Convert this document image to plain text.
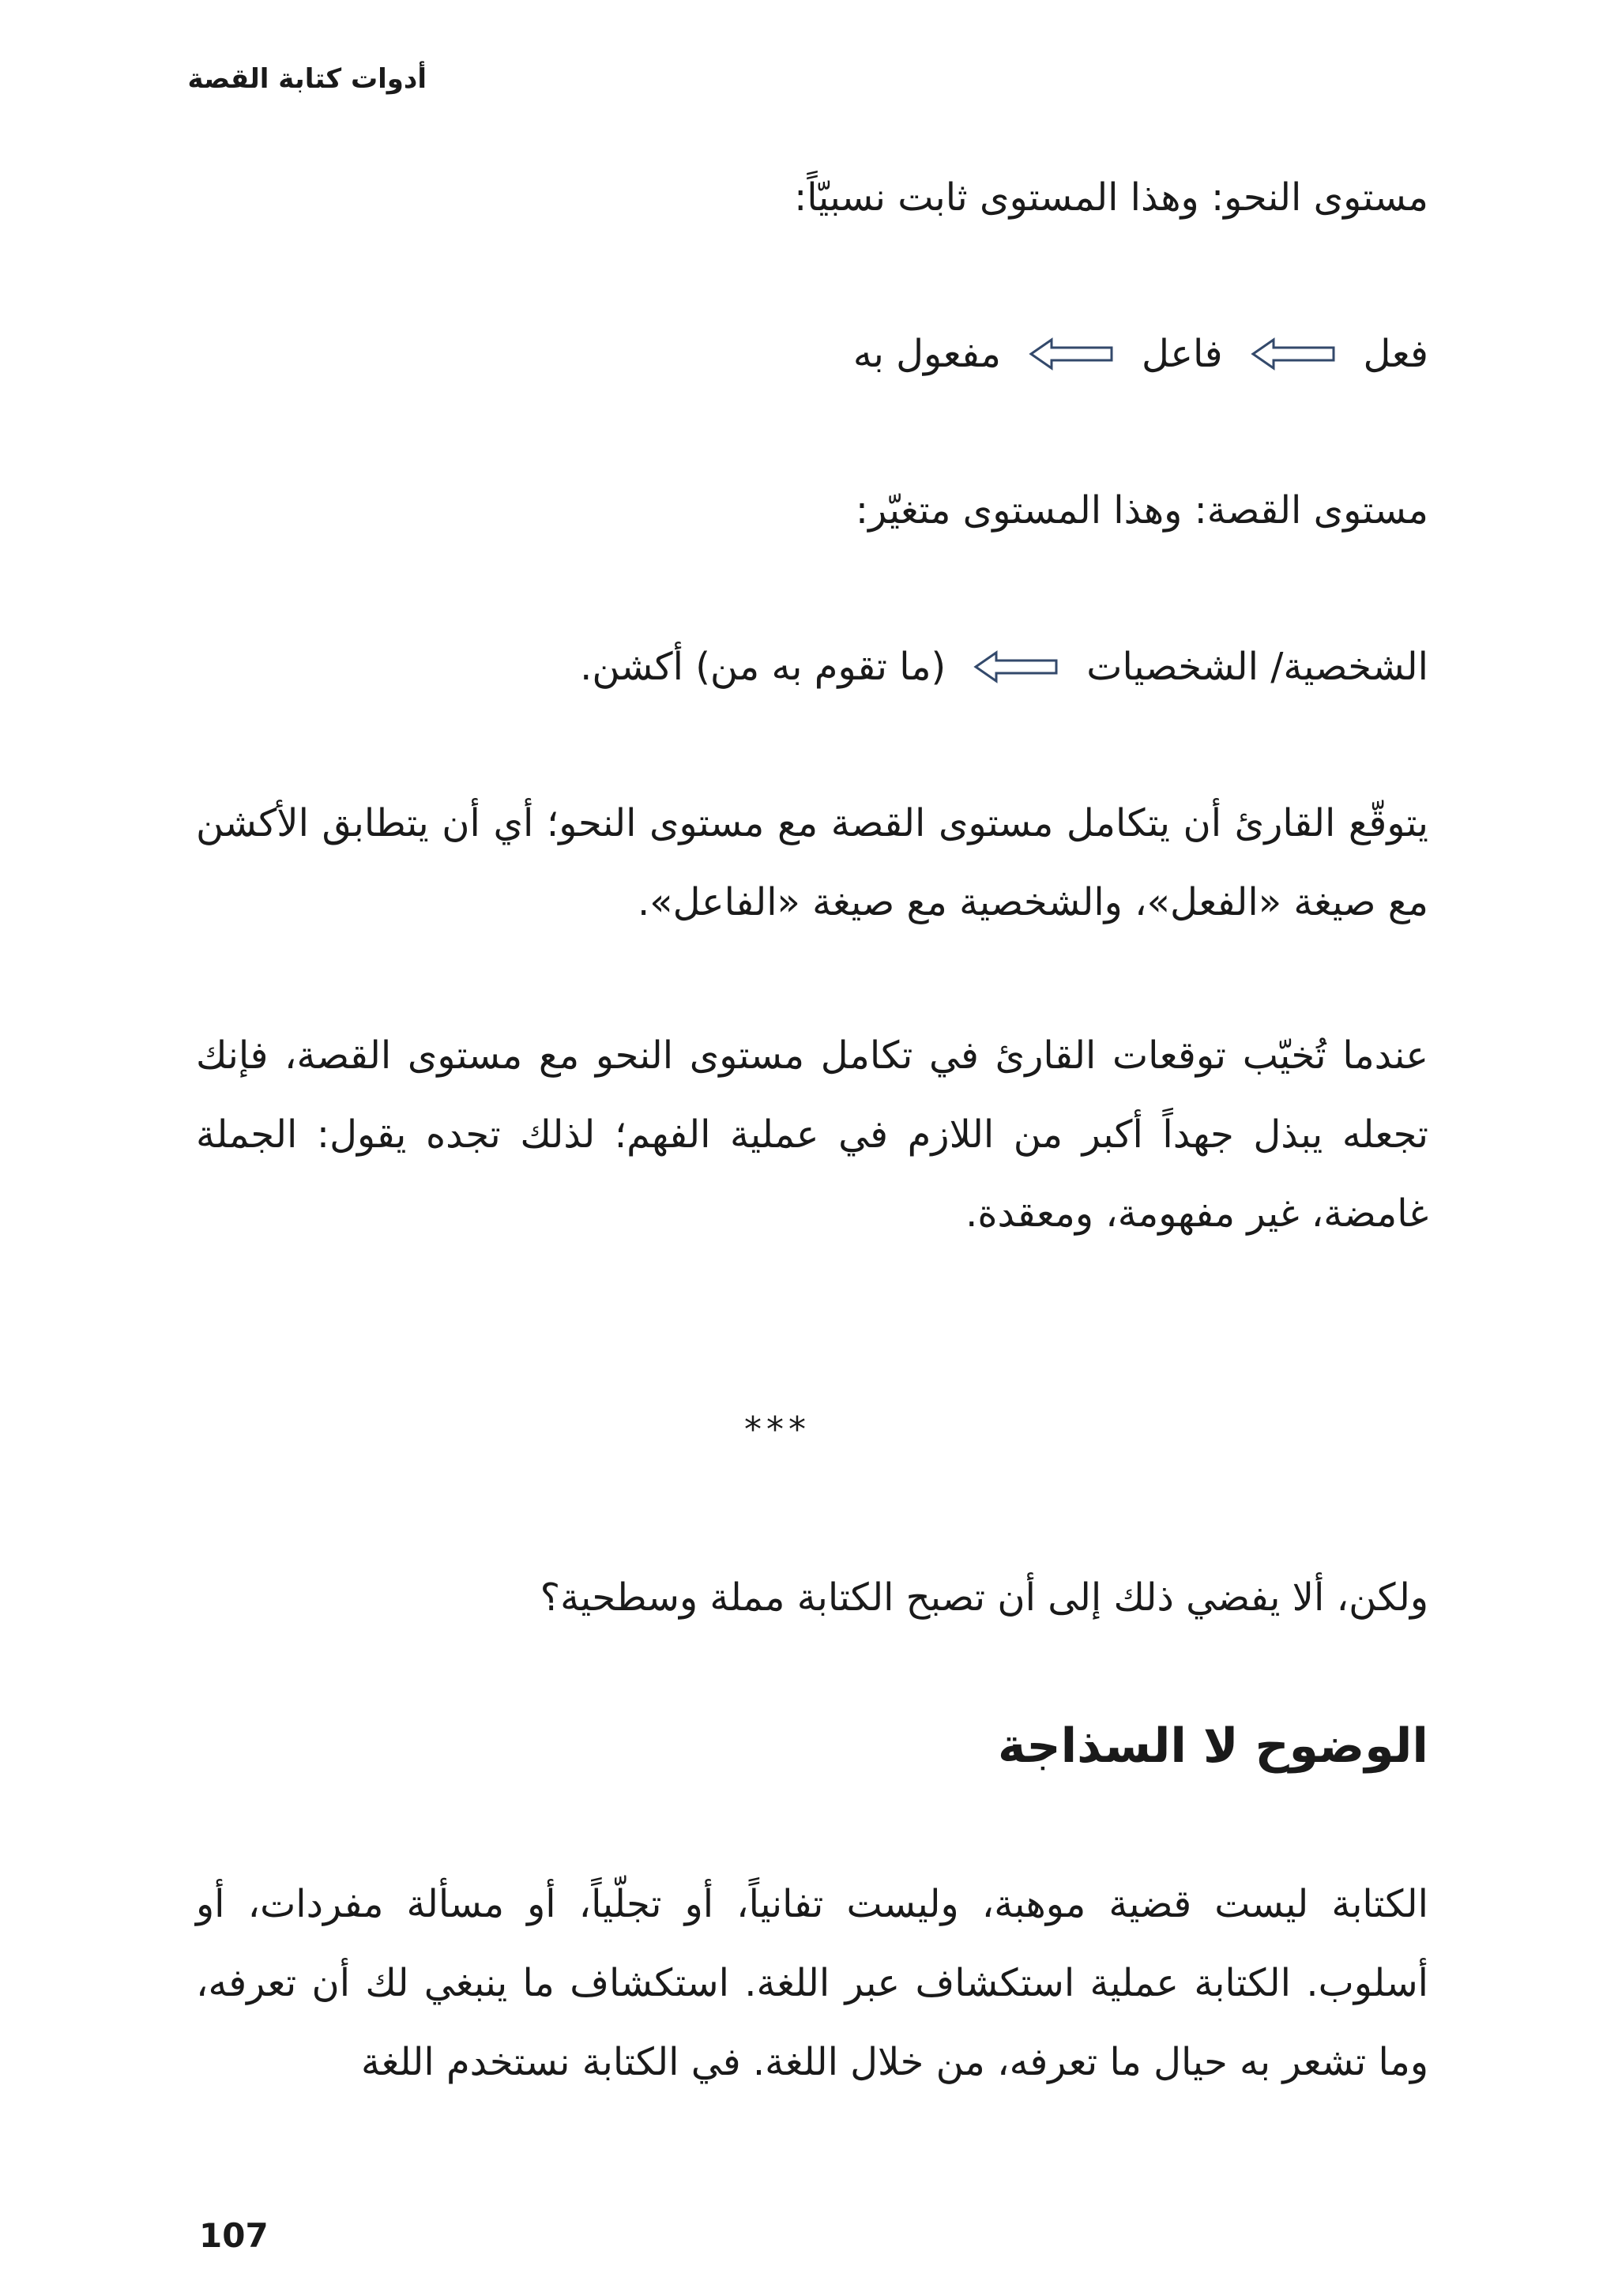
أدوات كتابة القصة
مستوى النحو: وهذا المستوى ثابت نسبيّاً:
فعل
فاعل
مفعول به
مستوى القصة: وهذا المستوى متغيّر:
الشخصية/ الشخصيات
(ما تقوم به من) أكشن.
يتوقّع القارئ أن يتكامل مستوى القصة مع مستوى النحو؛ أي أن يتطابق الأكشن مع صيغة «الفعل»، والشخصية مع صيغة «الفاعل».
عندما تُخيّب توقعات القارئ في تكامل مستوى النحو مع مستوى القصة، فإنك تجعله يبذل جهداً أكبر من اللازم في عملية الفهم؛ لذلك تجده يقول: الجملة غامضة، غير مفهومة، ومعقدة.
***
ولكن، ألا يفضي ذلك إلى أن تصبح الكتابة مملة وسطحية؟
الوضوح لا السذاجة
الكتابة ليست قضية موهبة، وليست تفانياً، أو تجلّياً، أو مسألة مفردات، أو أسلوب. الكتابة عملية استكشاف عبر اللغة. استكشاف ما ينبغي لك أن تعرفه، وما تشعر به حيال ما تعرفه، من خلال اللغة. في الكتابة نستخدم اللغة
107
